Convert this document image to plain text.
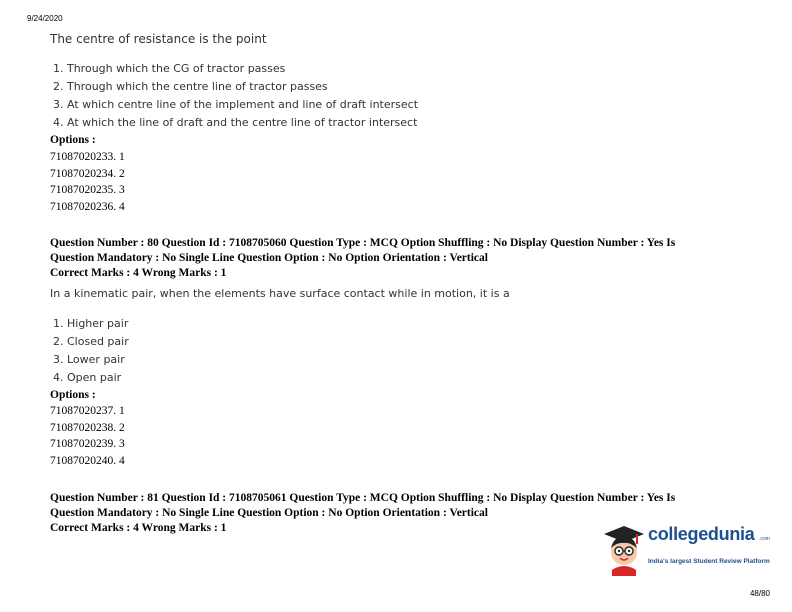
9/24/2020
The centre of resistance is the point
1. Through which the CG of tractor passes
2. Through which the centre line of tractor passes
3. At which centre line of the implement and line of draft intersect
4. At which the line of draft and the centre line of tractor intersect
Options :
71087020233. 1
71087020234. 2
71087020235. 3
71087020236. 4
Question Number : 80 Question Id : 7108705060 Question Type : MCQ Option Shuffling : No Display Question Number : Yes Is
Question Mandatory : No Single Line Question Option : No Option Orientation : Vertical
Correct Marks : 4 Wrong Marks : 1
In a kinematic pair, when the elements have surface contact while in motion, it is a
1. Higher pair
2. Closed pair
3. Lower pair
4. Open pair
Options :
71087020237. 1
71087020238. 2
71087020239. 3
71087020240. 4
Question Number : 81 Question Id : 7108705061 Question Type : MCQ Option Shuffling : No Display Question Number : Yes Is
Question Mandatory : No Single Line Question Option : No Option Orientation : Vertical
Correct Marks : 4 Wrong Marks : 1	collegedunia .com
India's largest Student Review Platform
48/80
